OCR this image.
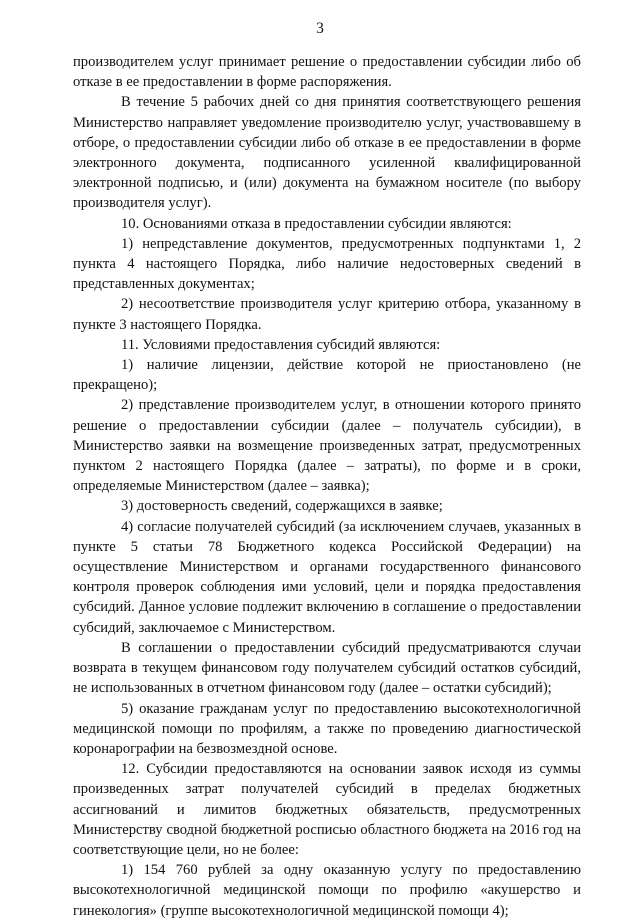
3

производителем услуг принимает решение о предоставлении субсидии либо об отказе в ее предоставлении в форме распоряжения.

В течение 5 рабочих дней со дня принятия соответствующего решения Министерство направляет уведомление производителю услуг, участвовавшему в отборе, о предоставлении субсидии либо об отказе в ее предоставлении в форме электронного документа, подписанного усиленной квалифицированной электронной подписью, и (или) документа на бумажном носителе (по выбору производителя услуг).

10. Основаниями отказа в предоставлении субсидии являются:

1) непредставление документов, предусмотренных подпунктами 1, 2 пункта 4 настоящего Порядка, либо наличие недостоверных сведений в представленных документах;

2) несоответствие производителя услуг критерию отбора, указанному в пункте 3 настоящего Порядка.

11. Условиями предоставления субсидий являются:

1) наличие лицензии, действие которой не приостановлено (не прекращено);

2) представление производителем услуг, в отношении которого принято решение о предоставлении субсидии (далее – получатель субсидии), в Министерство заявки на возмещение произведенных затрат, предусмотренных пунктом 2 настоящего Порядка (далее – затраты), по форме и в сроки, определяемые Министерством (далее – заявка);

3) достоверность сведений, содержащихся в заявке;

4) согласие получателей субсидий (за исключением случаев, указанных в пункте 5 статьи 78 Бюджетного кодекса Российской Федерации) на осуществление Министерством и органами государственного финансового контроля проверок соблюдения ими условий, цели и порядка предоставления субсидий. Данное условие подлежит включению в соглашение о предоставлении субсидий, заключаемое с Министерством.

В соглашении о предоставлении субсидий предусматриваются случаи возврата в текущем финансовом году получателем субсидий остатков субсидий, не использованных в отчетном финансовом году (далее – остатки субсидий);

5) оказание гражданам услуг по предоставлению высокотехнологичной медицинской помощи по профилям, а также по проведению диагностической коронарографии на безвозмездной основе.

12. Субсидии предоставляются на основании заявок исходя из суммы произведенных затрат получателей субсидий в пределах бюджетных ассигнований и лимитов бюджетных обязательств, предусмотренных Министерству сводной бюджетной росписью областного бюджета на 2016 год на соответствующие цели, но не более:

1) 154 760 рублей за одну оказанную услугу по предоставлению высокотехнологичной медицинской помощи по профилю «акушерство и гинекология» (группе высокотехнологичной медицинской помощи 4);
